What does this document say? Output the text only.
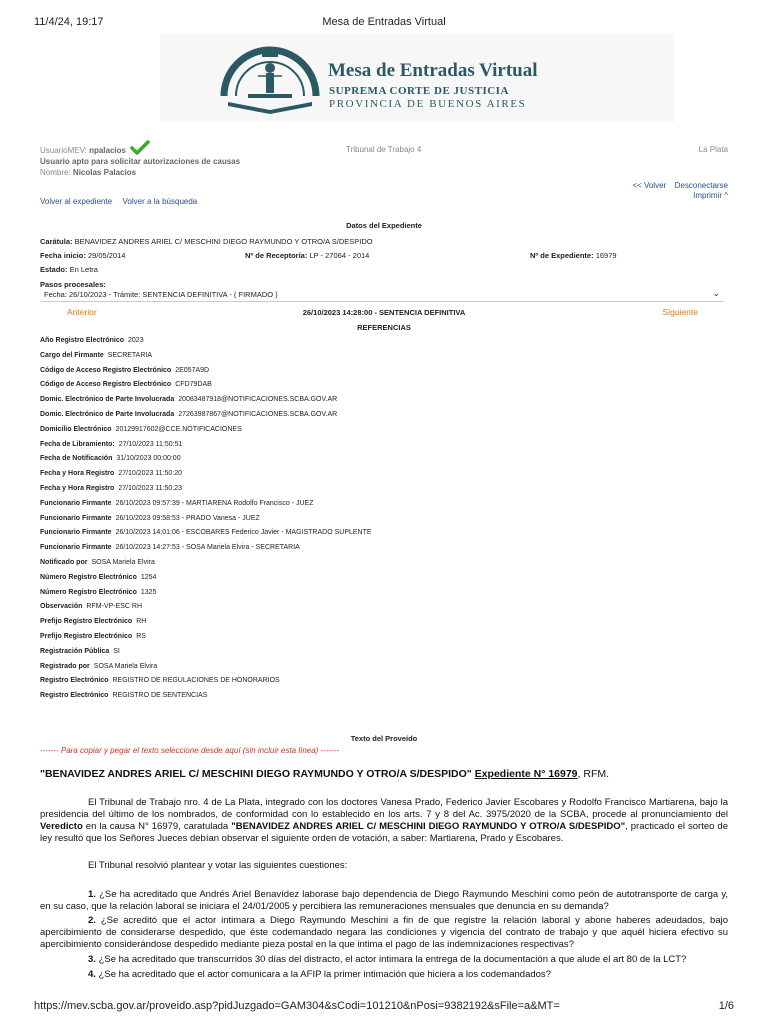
11/4/24, 19:17	Mesa de Entradas Virtual
Mesa de Entradas Virtual
SUPREMA CORTE DE JUSTICIA
PROVINCIA DE BUENOS AIRES
UsuarioMEV: npalacios
Usuario apto para solicitar autorizaciones de causas
Nombre: Nicolas Palacios
Tribunal de Trabajo 4	La Plata
<< Volver Desconectarse
Volver al expediente Volver a la búsqueda
Imprimir ^
Datos del Expediente
Carátula: BENAVIDEZ ANDRES ARIEL C/ MESCHINI DIEGO RAYMUNDO Y OTRO/A S/DESPIDO
Fecha inicio: 29/05/2014	Nº de Receptoría: LP - 27064 - 2014	Nº de Expediente: 16979
Estado: En Letra
Pasos procesales:
Fecha: 26/10/2023 - Trámite: SENTENCIA DEFINITIVA - ( FIRMADO )	⌄
Anterior	26/10/2023 14:28:00 - SENTENCIA DEFINITIVA	Siguiente
REFERENCIAS
Año Registro Electrónico 2023
Cargo del Firmante SECRETARIA
Código de Acceso Registro Electrónico 2E057A9D
Código de Acceso Registro Electrónico CFD79DAB
Domic. Electrónico de Parte Involucrada 20083487918@NOTIFICACIONES.SCBA.GOV.AR
Domic. Electrónico de Parte Involucrada 27263987867@NOTIFICACIONES.SCBA.GOV.AR
Domicilio Electrónico 20129917602@CCE.NOTIFICACIONES
Fecha de Libramiento: 27/10/2023 11:50:51
Fecha de Notificación 31/10/2023 00:00:00
Fecha y Hora Registro 27/10/2023 11:50:20
Fecha y Hora Registro 27/10/2023 11:50:23
Funcionario Firmante 26/10/2023 09:57:39 - MARTIARENA Rodolfo Francisco - JUEZ
Funcionario Firmante 26/10/2023 09:58:53 - PRADO Vanesa - JUEZ
Funcionario Firmante 26/10/2023 14:01:06 - ESCOBARES Federico Javier - MAGISTRADO SUPLENTE
Funcionario Firmante 26/10/2023 14:27:53 - SOSA Mariela Elvira - SECRETARIA
Notificado por SOSA Mariela Elvira
Número Registro Electrónico 1254
Número Registro Electrónico 1325
Observación RFM-VP-ESC RH
Prefijo Registro Electrónico RH
Prefijo Registro Electrónico RS
Registración Pública SI
Registrado por SOSA Mariela Elvira
Registro Electrónico REGISTRO DE REGULACIONES DE HONORARIOS
Registro Electrónico REGISTRO DE SENTENCIAS
Texto del Proveído
------- Para copiar y pegar el texto seleccione desde aquí (sin incluir esta línea) -------
"BENAVIDEZ ANDRES ARIEL C/ MESCHINI DIEGO RAYMUNDO Y OTRO/A S/DESPIDO" Expediente N° 16979, RFM.

El Tribunal de Trabajo nro. 4 de La Plata, integrado con los doctores Vanesa Prado, Federico Javier Escobares y Rodolfo Francisco Martiarena, bajo la presidencia del último de los nombrados, de conformidad con lo establecido en los arts. 7 y 8 del Ac. 3975/2020 de la SCBA, procede al pronunciamiento del Veredicto en la causa N° 16979, caratulada "BENAVIDEZ ANDRES ARIEL C/ MESCHINI DIEGO RAYMUNDO Y OTRO/A S/DESPIDO", practicado el sorteo de ley resultó que los Señores Jueces debían observar el siguiente orden de votación, a saber: Martiarena, Prado y Escobares.

El Tribunal resolvió plantear y votar las siguientes cuestiones:

1. ¿Se ha acreditado que Andrés Ariel Benavídez laborase bajo dependencia de Diego Raymundo Meschini como peón de autotransporte de carga y, en su caso, que la relación laboral se iniciara el 24/01/2005 y percibiera las remuneraciones mensuales que denuncia en su demanda?

2. ¿Se acreditó que el actor intimara a Diego Raymundo Meschini a fin de que registre la relación laboral y abone haberes adeudados, bajo apercibimiento de considerarse despedido, que éste codemandado negara las condiciones y vigencia del contrato de trabajo y que aquél hiciera efectivo su apercibimiento considerándose despedido mediante pieza postal en la que intima el pago de las indemnizaciones respectivas?

3. ¿Se ha acreditado que transcurridos 30 días del distracto, el actor intimara la entrega de la documentación a que alude el art 80 de la LCT?

4. ¿Se ha acreditado que el actor comunicara a la AFIP la primer intimación que hiciera a los codemandados?

https://mev.scba.gov.ar/proveido.asp?pidJuzgado=GAM304&sCodi=101210&nPosi=9382192&sFile=a&MT=	1/6
